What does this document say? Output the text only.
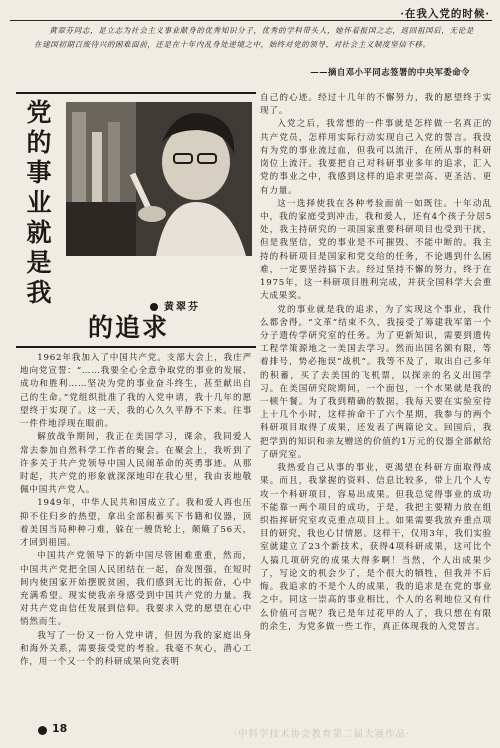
·在我入党的时候·
黄翠芬同志，是立志为社会主义事业献身的优秀知识分子，优秀的学科带头人，她怀着报国之志，返回祖国后，无论是在建国初期百废待兴的困难面前，还是在十年内乱身处逆境之中，始终对党的领导、对社会主义制度坚信不移。
——摘自邓小平同志签署的中央军委命令
党
的
事
业
就
是
我
的追求
黄翠芬

1962年我加入了中国共产党。支部大会上，我庄严地向党宣誓：“……我要全心全意争取党的事业的发展、成功和胜利……坚决为党的事业奋斗终生，甚至献出自己的生命。”党组织批准了我的入党申请，我十几年的愿望终于实现了。这一天，我的心久久平静不下来。往事一件件地浮现在眼前。

解放战争期间，我正在美国学习，课余，我同爱人常去参加自然科学工作者的聚会。在聚会上，我听到了许多关于共产党领导中国人民闹革命的英勇事迹。从那时起，共产党的形象就深深地印在我心里，我由衷地敬佩中国共产党人。

1949年，中华人民共和国成立了。我和爱人再也压抑不住归乡的热望，拿出全部积蓄买下书籍和仪器，顶着美国当局种种刁难，躲在一艘货轮上，颠簸了56天，才回到祖国。

中国共产党领导下的新中国尽管困难重重，然而，中国共产党把全国人民团结在一起，奋发图强，在短时间内使国家开始摆脱贫困，我们感到无比的振奋，心中充满希望。现实使我亲身感受到中国共产党的力量。我对共产党由信任发展到信仰。我要求入党的愿望在心中悄然而生。

我写了一份又一份入党申请，但因为我的家庭出身和海外关系，需要接受党的考验。我毫不灰心，潜心工作，用一个又一个的科研成果向党表明

自己的心迹。经过十几年的不懈努力，我的愿望终于实现了。

入党之后，我常想的一件事就是怎样做一名真正的共产党员，怎样用实际行动实现自己入党的誓言。我没有为党的事业流过血，但我可以流汗，在所从事的科研岗位上流汗。我要把自己对科研事业多年的追求，汇入党的事业之中，我感到这样的追求更崇高、更圣洁、更有力量。

这一选择使我在各种考验面前一如既往。十年动乱中，我的家庭受到冲击，我和爱人，还有4个孩子分居5处，我主持研究的一项国家重要科研项目也受到干扰，但是我坚信，党的事业是不可摧毁、不能中断的。我主持的科研项目是国家和党交给的任务，不论遇到什么困难，一定要坚持搞下去。经过坚持不懈的努力，终于在1975年，这一科研项目胜利完成，并获全国科学大会重大成果奖。

党的事业就是我的追求，为了实现这个事业，我什么都舍得。“文革”结束不久，我接受了筹建我军第一个分子遗传学研究室的任务。为了更新知识，需要到遗传工程学策源地之一美国去学习。然而出国名额有限，等着排号，势必拖误“战机”。我等不及了，取出自己多年的积蓄，买了去美国的飞机票，以探亲的名义出国学习。在美国研究院期间，一个面包，一个水果就是我的一顿午餐。为了我到精确的数据，我每天要在实验室待上十几个小时，这样拚命干了六个星期，我参与的两个科研项目取得了成果，还发表了两篇论文。回国后，我把学到的知识和亲友赠送的价值约1万元的仪器全部献给了研究室。

我热爱自己从事的事业，更渴望在科研方面取得成果。而且，我掌握的资料、信息比较多，带上几个人专攻一个科研项目，容易出成果。但我总觉得事业的成功不能靠一两个项目的成功，于是，我把主要精力放在组织指挥研究室攻克重点项目上。如果需要我放弃重点项目的研究，我也心甘情愿。这样干，仅用3年，我们实验室就建立了23个新技术，获得4项科研成果，这可比个人搞几项研究的成果大得多啊！当然，个人出成果少了，写论文的机会少了，是个很大的牺牲，但我并不后悔。我追求的不是个人的成果，我的追求是在党的事业之中。同这一崇高的事业相比，个人的名利地位又有什么价值可言呢？我已是年过花甲的人了，我只想在有限的余生，为党多做一些工作，真正体现我的入党誓言。

18	·中科学技术协会教育第二届大赛作品·
